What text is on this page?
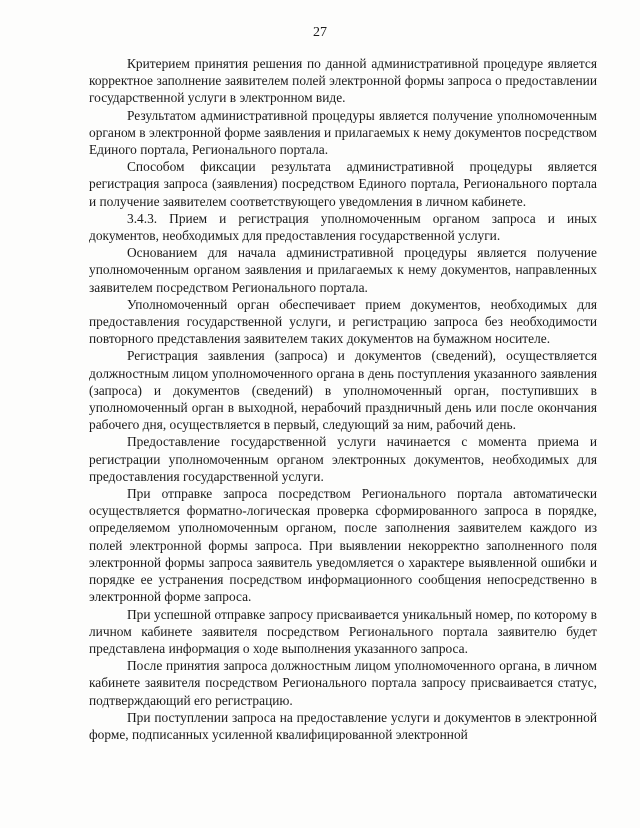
27

Критерием принятия решения по данной административной процедуре является корректное заполнение заявителем полей электронной формы запроса о предоставлении государственной услуги в электронном виде.

Результатом административной процедуры является получение уполномоченным органом в электронной форме заявления и прилагаемых к нему документов посредством Единого портала, Регионального портала.

Способом фиксации результата административной процедуры является регистрация запроса (заявления) посредством Единого портала, Регионального портала и получение заявителем соответствующего уведомления в личном кабинете.

3.4.3. Прием и регистрация уполномоченным органом запроса и иных документов, необходимых для предоставления государственной услуги.

Основанием для начала административной процедуры является получение уполномоченным органом заявления и прилагаемых к нему документов, направленных заявителем посредством Регионального портала.

Уполномоченный орган обеспечивает прием документов, необходимых для предоставления государственной услуги, и регистрацию запроса без необходимости повторного представления заявителем таких документов на бумажном носителе.

Регистрация заявления (запроса) и документов (сведений), осуществляется должностным лицом уполномоченного органа в день поступления указанного заявления (запроса) и документов (сведений) в уполномоченный орган, поступивших в уполномоченный орган в выходной, нерабочий праздничный день или после окончания рабочего дня, осуществляется в первый, следующий за ним, рабочий день.

Предоставление государственной услуги начинается с момента приема и регистрации уполномоченным органом электронных документов, необходимых для предоставления государственной услуги.

При отправке запроса посредством Регионального портала автоматически осуществляется форматно-логическая проверка сформированного запроса в порядке, определяемом уполномоченным органом, после заполнения заявителем каждого из полей электронной формы запроса. При выявлении некорректно заполненного поля электронной формы запроса заявитель уведомляется о характере выявленной ошибки и порядке ее устранения посредством информационного сообщения непосредственно в электронной форме запроса.

При успешной отправке запросу присваивается уникальный номер, по которому в личном кабинете заявителя посредством Регионального портала заявителю будет представлена информация о ходе выполнения указанного запроса.

После принятия запроса должностным лицом уполномоченного органа, в личном кабинете заявителя посредством Регионального портала запросу присваивается статус, подтверждающий его регистрацию.

При поступлении запроса на предоставление услуги и документов в электронной форме, подписанных усиленной квалифицированной электронной
